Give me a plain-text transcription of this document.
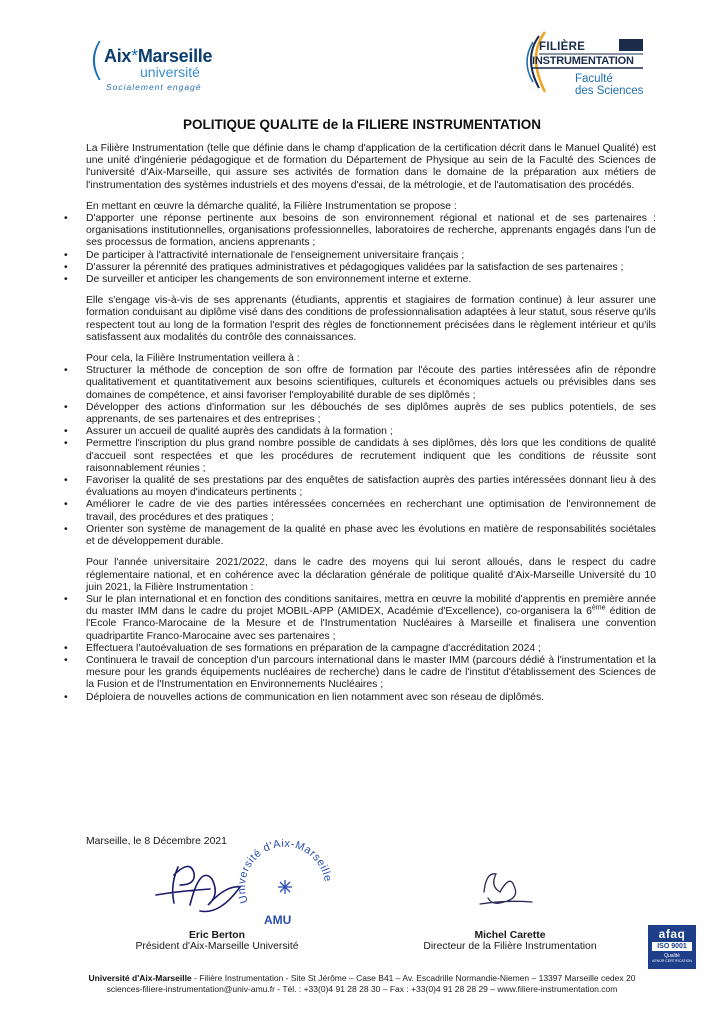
(
Aix*Marseille
université
Socialement engagé
FILIÈRE
INSTRUMENTATION
Faculté
des Sciences
POLITIQUE QUALITE de la FILIERE INSTRUMENTATION

La Filière Instrumentation (telle que définie dans le champ d'application de la certification décrit dans le Manuel Qualité) est une unité d'ingénierie pédagogique et de formation du Département de Physique au sein de la Faculté des Sciences de l'université d'Aix-Marseille, qui assure ses activités de formation dans le domaine de la préparation aux métiers de l'instrumentation des systèmes industriels et des moyens d'essai, de la métrologie, et de l'automatisation des procédés.

En mettant en œuvre la démarche qualité, la Filière Instrumentation se propose :

• D'apporter une réponse pertinente aux besoins de son environnement régional et national et de ses partenaires : organisations institutionnelles, organisations professionnelles, laboratoires de recherche, apprenants engagés dans l'un de ses processus de formation, anciens apprenants ;
• De participer à l'attractivité internationale de l'enseignement universitaire français ;
• D'assurer la pérennité des pratiques administratives et pédagogiques validées par la satisfaction de ses partenaires ;
• De surveiller et anticiper les changements de son environnement interne et externe.

Elle s'engage vis-à-vis de ses apprenants (étudiants, apprentis et stagiaires de formation continue) à leur assurer une formation conduisant au diplôme visé dans des conditions de professionnalisation adaptées à leur statut, sous réserve qu'ils respectent tout au long de la formation l'esprit des règles de fonctionnement précisées dans le règlement intérieur et qu'ils satisfassent aux modalités du contrôle des connaissances.

Pour cela, la Filière Instrumentation veillera à :

• Structurer la méthode de conception de son offre de formation par l'écoute des parties intéressées afin de répondre qualitativement et quantitativement aux besoins scientifiques, culturels et économiques actuels ou prévisibles dans ses domaines de compétence, et ainsi favoriser l'employabilité durable de ses diplômés ;
• Développer des actions d'information sur les débouchés de ses diplômes auprès de ses publics potentiels, de ses apprenants, de ses partenaires et des entreprises ;
• Assurer un accueil de qualité auprès des candidats à la formation ;
• Permettre l'inscription du plus grand nombre possible de candidats à ses diplômes, dès lors que les conditions de qualité d'accueil sont respectées et que les procédures de recrutement indiquent que les conditions de réussite sont raisonnablement réunies ;
• Favoriser la qualité de ses prestations par des enquêtes de satisfaction auprès des parties intéressées donnant lieu à des évaluations au moyen d'indicateurs pertinents ;
• Améliorer le cadre de vie des parties intéressées concernées en recherchant une optimisation de l'environnement de travail, des procédures et des pratiques ;
• Orienter son système de management de la qualité en phase avec les évolutions en matière de responsabilités sociétales et de développement durable.

Pour l'année universitaire 2021/2022, dans le cadre des moyens qui lui seront alloués, dans le respect du cadre réglementaire national, et en cohérence avec la déclaration générale de politique qualité d'Aix-Marseille Université du 10 juin 2021, la Filière Instrumentation :

• Sur le plan international et en fonction des conditions sanitaires, mettra en œuvre la mobilité d'apprentis en première année du master IMM dans le cadre du projet MOBIL-APP (AMIDEX, Académie d'Excellence), co-organisera la 6ème édition de l'Ecole Franco-Marocaine de la Mesure et de l'Instrumentation Nucléaires à Marseille et finalisera une convention quadripartite Franco-Marocaine avec ses partenaires ;
• Effectuera l'autoévaluation de ses formations en préparation de la campagne d'accréditation 2024 ;
• Continuera le travail de conception d'un parcours international dans le master IMM (parcours dédié à l'instrumentation et la mesure pour les grands équipements nucléaires de recherche) dans le cadre de l'institut d'établissement des Sciences de la Fusion et de l'Instrumentation en Environnements Nucléaires ;
• Déploiera de nouvelles actions de communication en lien notamment avec son réseau de diplômés.
Marseille, le 8 Décembre 2021
Université d'Aix-Marseille
AMU
Eric Berton
Président d'Aix-Marseille Université
Michel Carette
Directeur de la Filière Instrumentation
afaq
ISO 9001
Qualité
AFNOR CERTIFICATION
Université d'Aix-Marseille - Filière Instrumentation - Site St Jérôme – Case B41 – Av. Escadrille Normandie-Niemen – 13397 Marseille cedex 20
sciences-filiere-instrumentation@univ-amu.fr - Tél. : +33(0)4 91 28 28 30 – Fax : +33(0)4 91 28 28 29 – www.filiere-instrumentation.com
